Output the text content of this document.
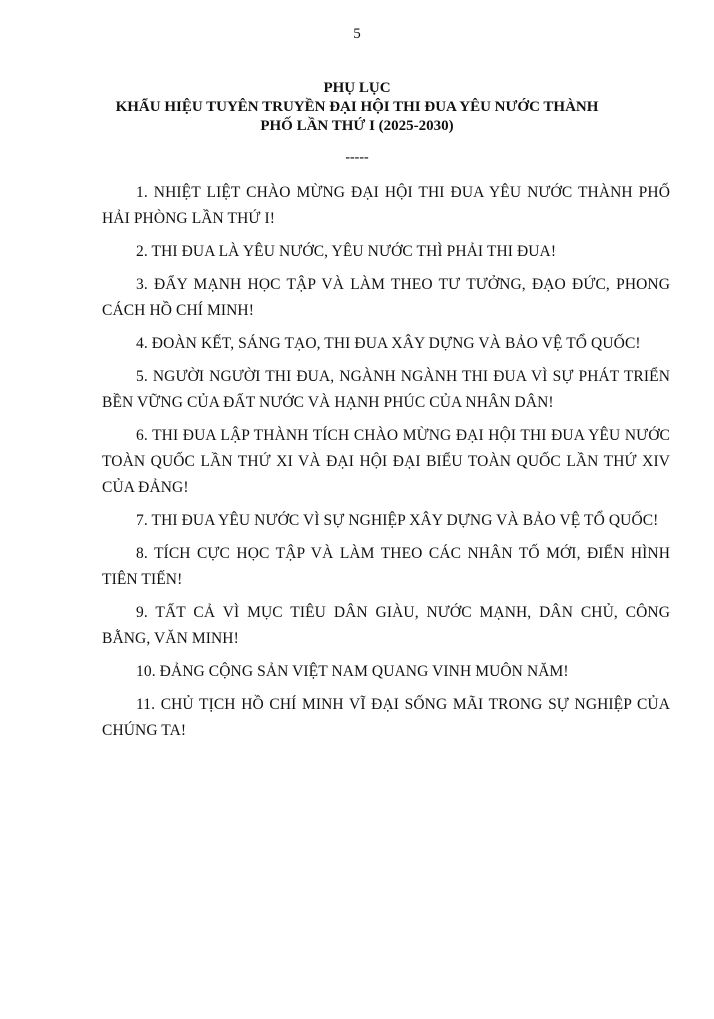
5
PHỤ LỤC
KHẨU HIỆU TUYÊN TRUYỀN ĐẠI HỘI THI ĐUA YÊU NƯỚC THÀNH
PHỐ LẦN THỨ I (2025-2030)
-----
1. NHIỆT LIỆT CHÀO MỪNG ĐẠI HỘI THI ĐUA YÊU NƯỚC THÀNH PHỐ HẢI PHÒNG LẦN THỨ I!
2. THI ĐUA LÀ YÊU NƯỚC, YÊU NƯỚC THÌ PHẢI THI ĐUA!
3. ĐẨY MẠNH HỌC TẬP VÀ LÀM THEO TƯ TƯỞNG, ĐẠO ĐỨC, PHONG CÁCH HỒ CHÍ MINH!
4. ĐOÀN KẾT, SÁNG TẠO, THI ĐUA XÂY DỰNG VÀ BẢO VỆ TỔ QUỐC!
5. NGƯỜI NGƯỜI THI ĐUA, NGÀNH NGÀNH THI ĐUA VÌ SỰ PHÁT TRIỂN BỀN VỮNG CỦA ĐẤT NƯỚC VÀ HẠNH PHÚC CỦA NHÂN DÂN!
6. THI ĐUA LẬP THÀNH TÍCH CHÀO MỪNG ĐẠI HỘI THI ĐUA YÊU NƯỚC TOÀN QUỐC LẦN THỨ XI VÀ ĐẠI HỘI ĐẠI BIỂU TOÀN QUỐC LẦN THỨ XIV CỦA ĐẢNG!
7. THI ĐUA YÊU NƯỚC VÌ SỰ NGHIỆP XÂY DỰNG VÀ BẢO VỆ TỔ QUỐC!
8. TÍCH CỰC HỌC TẬP VÀ LÀM THEO CÁC NHÂN TỐ MỚI, ĐIỂN HÌNH TIÊN TIẾN!
9. TẤT CẢ VÌ MỤC TIÊU DÂN GIÀU, NƯỚC MẠNH, DÂN CHỦ, CÔNG BẰNG, VĂN MINH!
10. ĐẢNG CỘNG SẢN VIỆT NAM QUANG VINH MUÔN NĂM!
11. CHỦ TỊCH HỒ CHÍ MINH VĨ ĐẠI SỐNG MÃI TRONG SỰ NGHIỆP CỦA CHÚNG TA!
